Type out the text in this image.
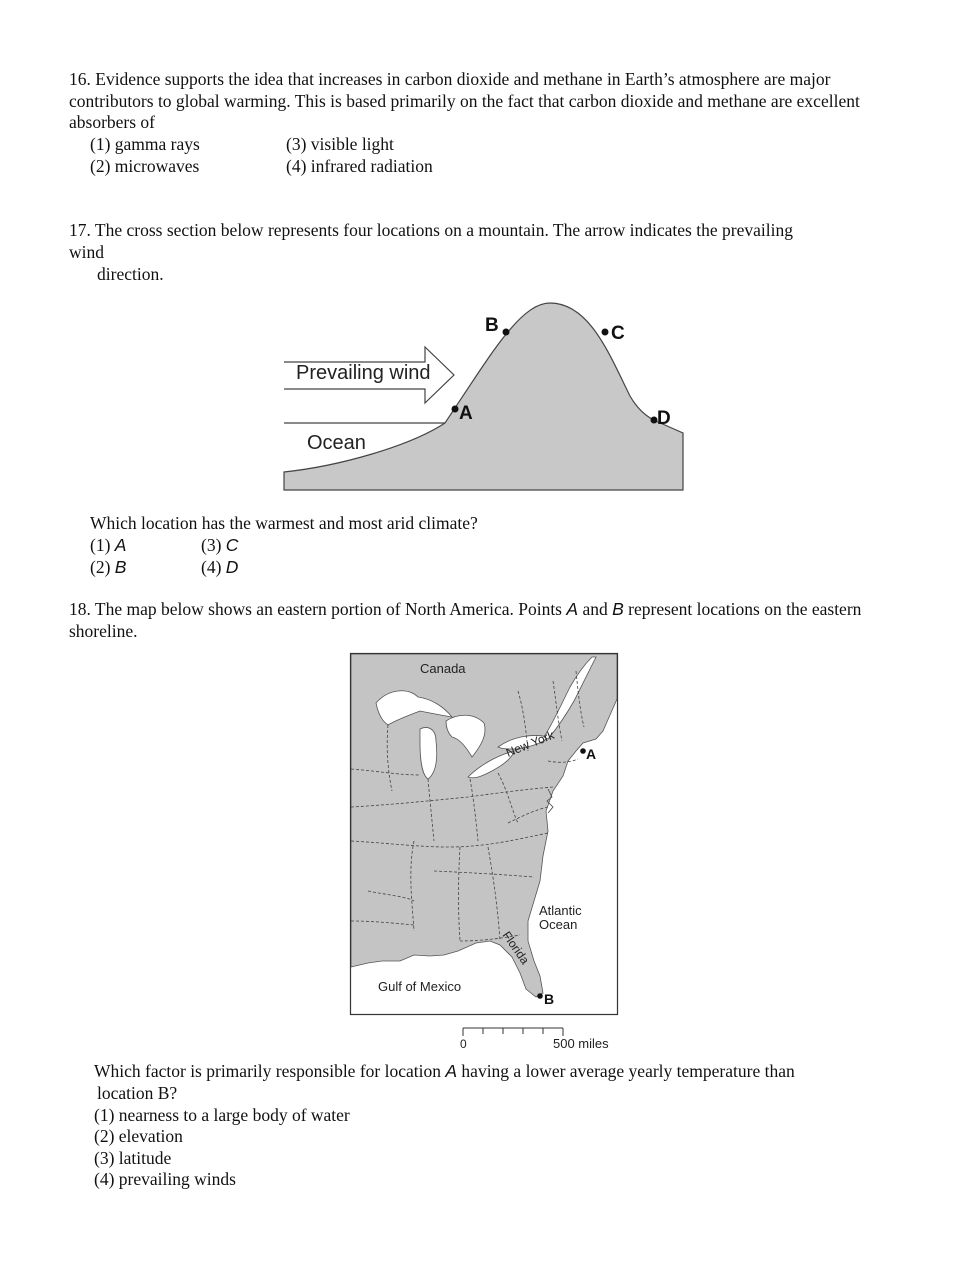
16. Evidence supports the idea that increases in carbon dioxide and methane in Earth’s atmosphere are major contributors to global warming. This is based primarily on the fact that carbon dioxide and methane are excellent absorbers of
(1) gamma rays
(2) microwaves
(3) visible light
(4) infrared radiation
17. The cross section below represents four locations on a mountain. The arrow indicates the prevailing
wind
direction.
Prevailing wind
Ocean
A
B	C
D
Which location has the warmest and most arid climate?
(1) A
(2) B
(3) C
(4) D
18. The map below shows an eastern portion of North America. Points A and B represent locations on the eastern shoreline.
Canada
New York
Atlantic
Ocean
Florida
Gulf of Mexico
A
B
0	500 miles
Which factor is primarily responsible for location A having a lower average yearly temperature than
location B?
(1) nearness to a large body of water
(2) elevation
(3) latitude
(4) prevailing winds
